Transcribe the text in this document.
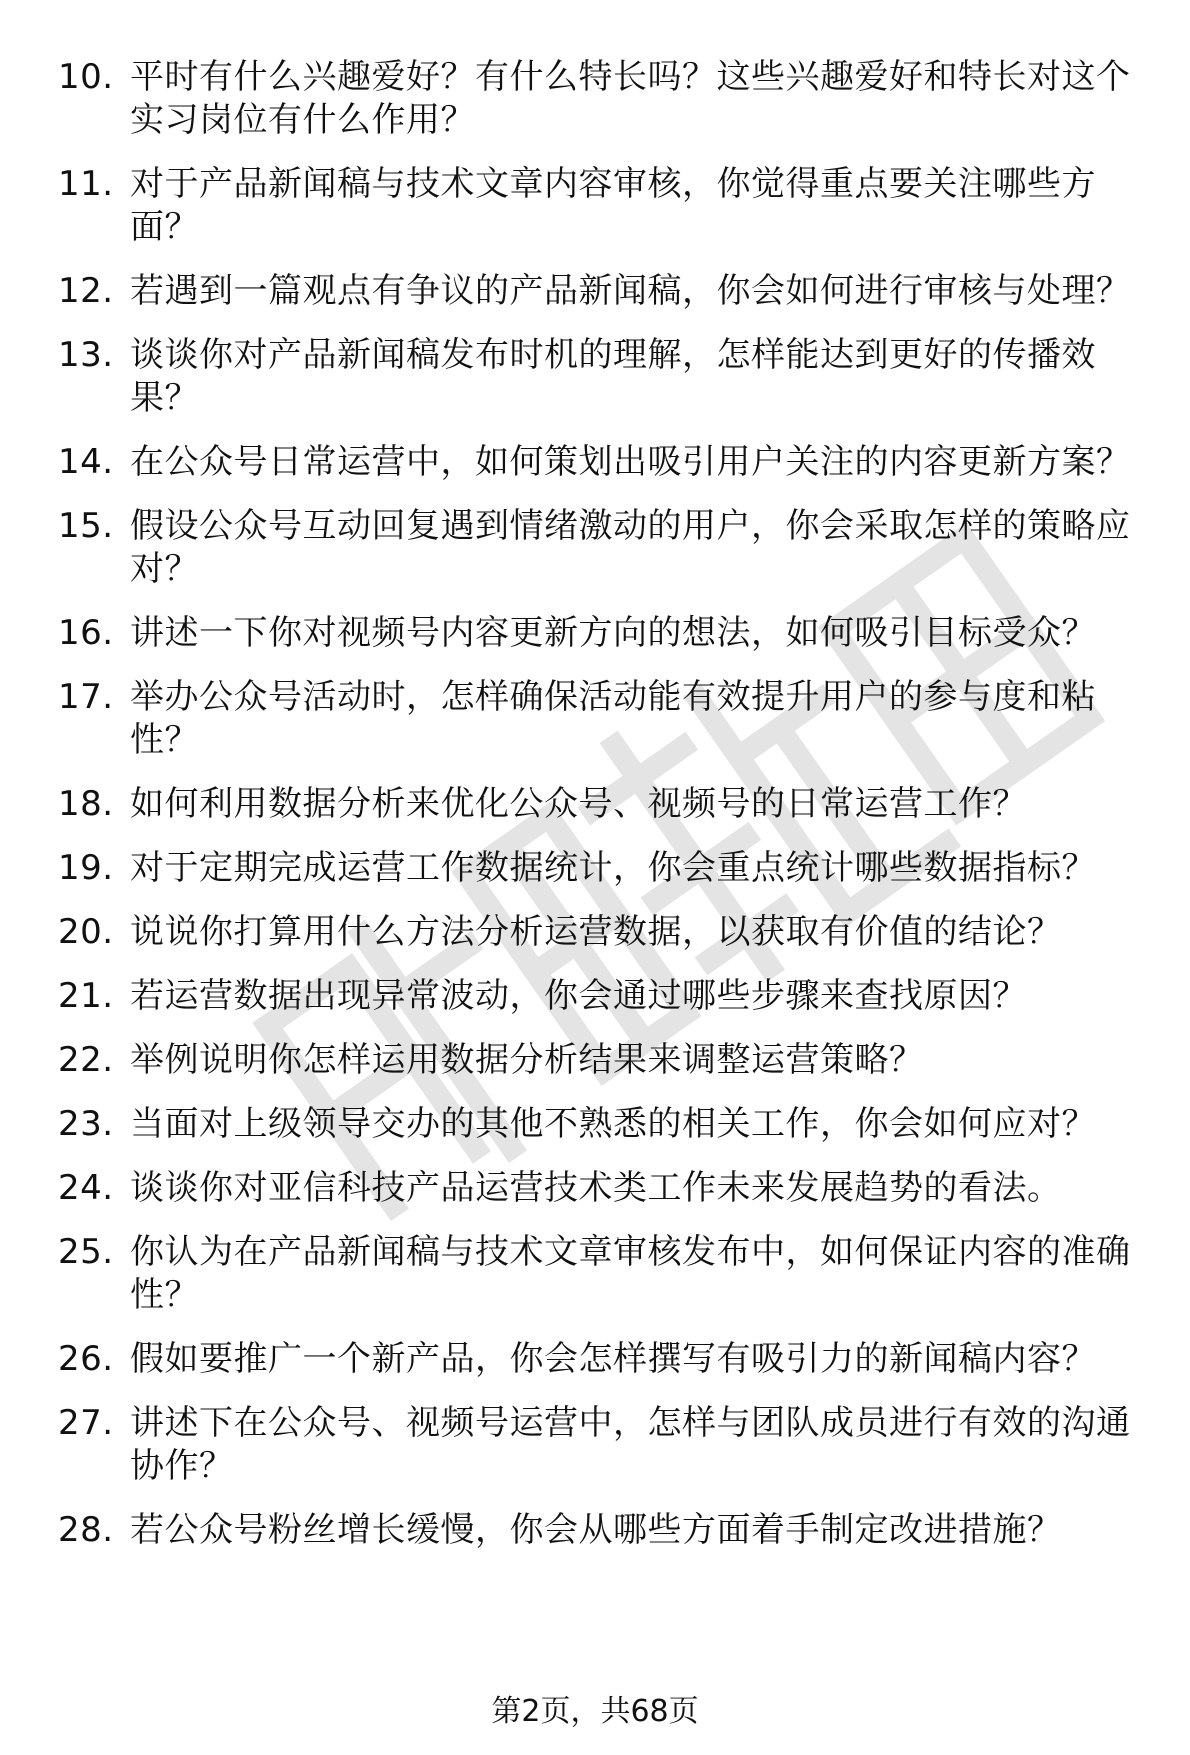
10. 平时有什么兴趣爱好？有什么特长吗？这些兴趣爱好和特长对这个实习岗位有什么作用？
11. 对于产品新闻稿与技术文章内容审核，你觉得重点要关注哪些方面？
12. 若遇到一篇观点有争议的产品新闻稿，你会如何进行审核与处理？
13. 谈谈你对产品新闻稿发布时机的理解，怎样能达到更好的传播效果？
14. 在公众号日常运营中，如何策划出吸引用户关注的内容更新方案？
15. 假设公众号互动回复遇到情绪激动的用户，你会采取怎样的策略应对？
16. 讲述一下你对视频号内容更新方向的想法，如何吸引目标受众？
17. 举办公众号活动时，怎样确保活动能有效提升用户的参与度和粘性？
18. 如何利用数据分析来优化公众号、视频号的日常运营工作？
19. 对于定期完成运营工作数据统计，你会重点统计哪些数据指标？
20. 说说你打算用什么方法分析运营数据，以获取有价值的结论？
21. 若运营数据出现异常波动，你会通过哪些步骤来查找原因？
22. 举例说明你怎样运用数据分析结果来调整运营策略？
23. 当面对上级领导交办的其他不熟悉的相关工作，你会如何应对？
24. 谈谈你对亚信科技产品运营技术类工作未来发展趋势的看法。
25. 你认为在产品新闻稿与技术文章审核发布中，如何保证内容的准确性？
26. 假如要推广一个新产品，你会怎样撰写有吸引力的新闻稿内容？
27. 讲述下在公众号、视频号运营中，怎样与团队成员进行有效的沟通协作？
28. 若公众号粉丝增长缓慢，你会从哪些方面着手制定改进措施？
第2页，共68页
